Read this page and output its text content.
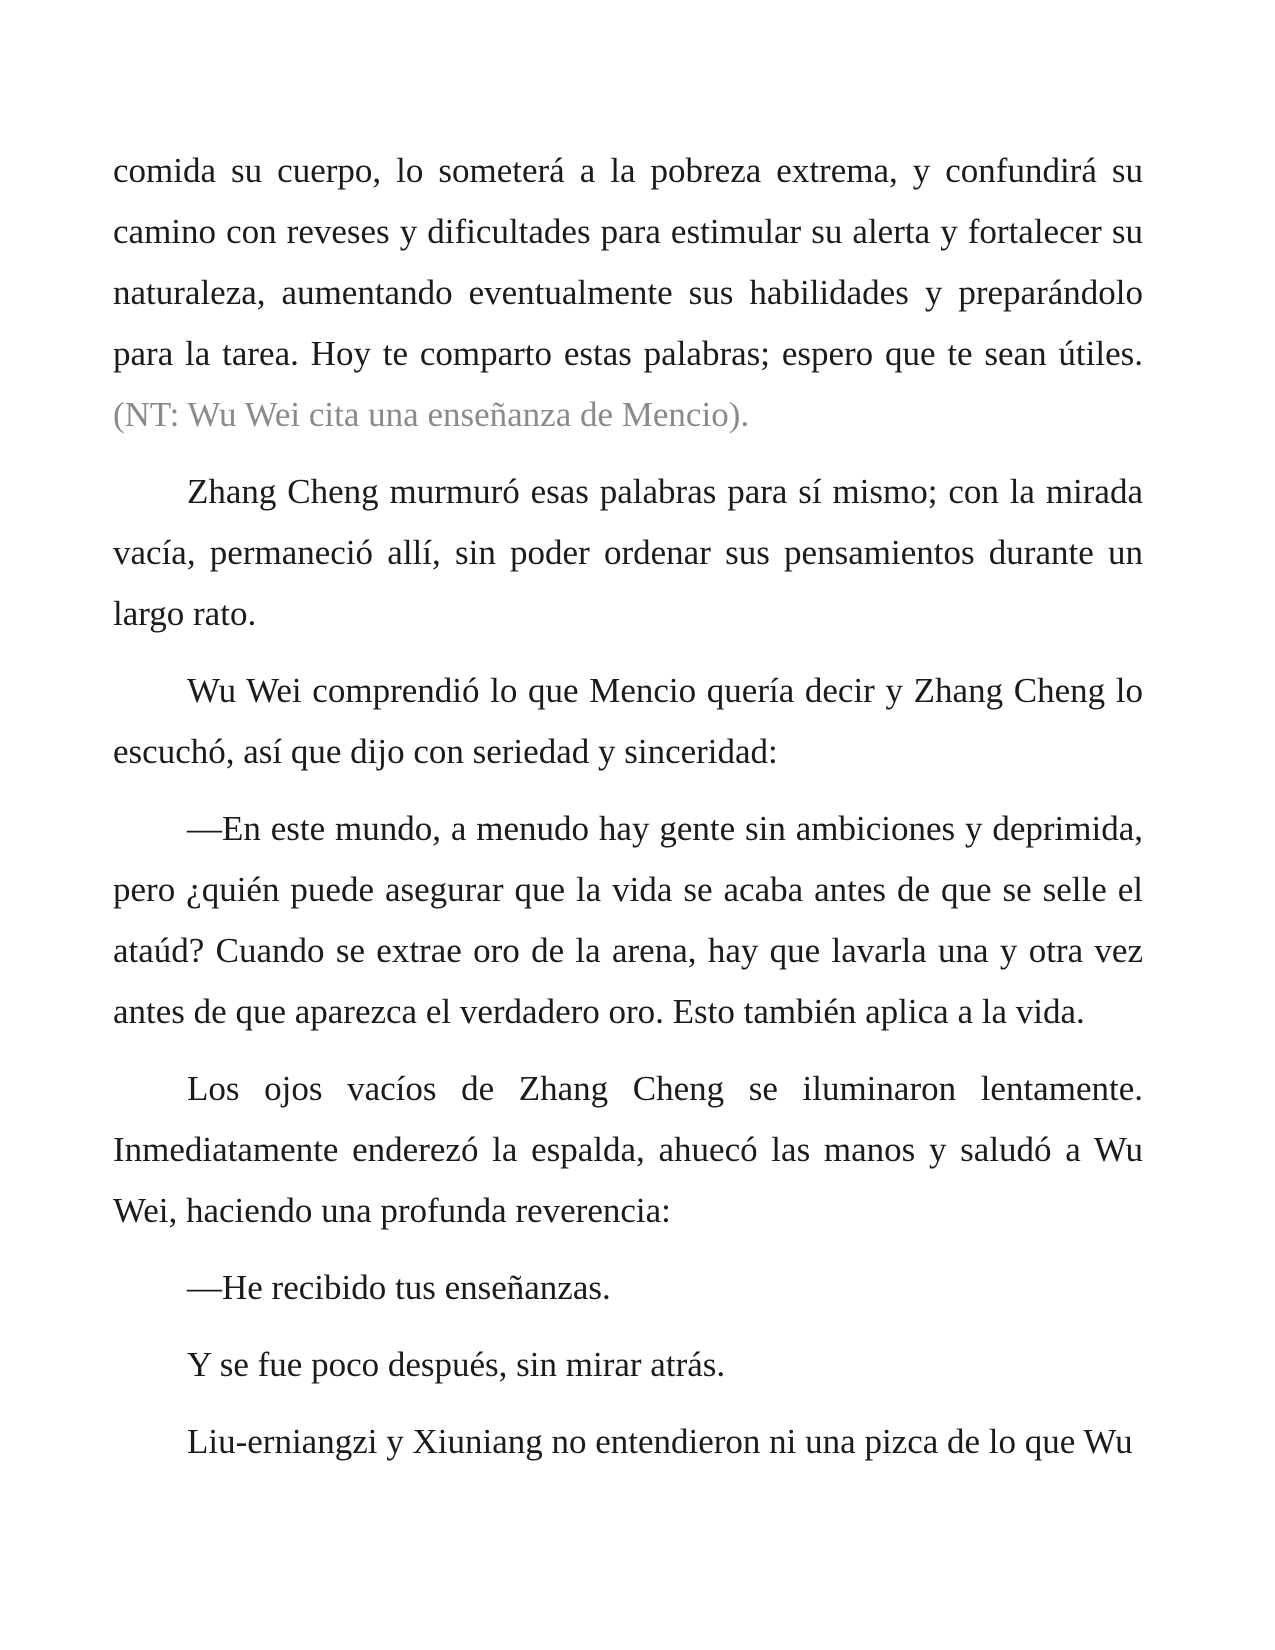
comida su cuerpo, lo someterá a la pobreza extrema, y confundirá su camino con reveses y dificultades para estimular su alerta y fortalecer su naturaleza, aumentando eventualmente sus habilidades y preparándolo para la tarea. Hoy te comparto estas palabras; espero que te sean útiles. (NT: Wu Wei cita una enseñanza de Mencio).

Zhang Cheng murmuró esas palabras para sí mismo; con la mirada vacía, permaneció allí, sin poder ordenar sus pensamientos durante un largo rato.

Wu Wei comprendió lo que Mencio quería decir y Zhang Cheng lo escuchó, así que dijo con seriedad y sinceridad:

—En este mundo, a menudo hay gente sin ambiciones y deprimida, pero ¿quién puede asegurar que la vida se acaba antes de que se selle el ataúd? Cuando se extrae oro de la arena, hay que lavarla una y otra vez antes de que aparezca el verdadero oro. Esto también aplica a la vida.

Los ojos vacíos de Zhang Cheng se iluminaron lentamente. Inmediatamente enderezó la espalda, ahuecó las manos y saludó a Wu Wei, haciendo una profunda reverencia:

—He recibido tus enseñanzas.

Y se fue poco después, sin mirar atrás.

Liu-erniangzi y Xiuniang no entendieron ni una pizca de lo que Wu
